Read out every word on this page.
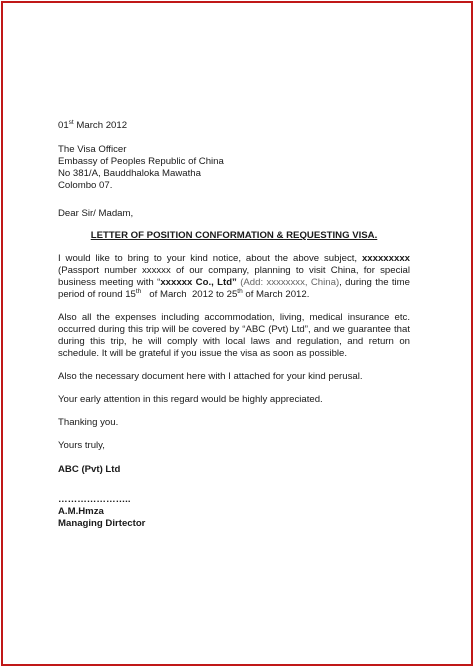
01st March 2012

The Visa Officer
Embassy of Peoples Republic of China
No 381/A, Bauddhaloka Mawatha
Colombo 07.

Dear Sir/ Madam,

LETTER OF POSITION CONFORMATION & REQUESTING VISA.

I would like to bring to your kind notice, about the above subject, xxxxxxxxx (Passport number xxxxxx of our company, planning to visit China, for special business meeting with “xxxxxx Co., Ltd” (Add: xxxxxxxx, China), during the time period of round 15th   of March  2012 to 25th of March 2012.

Also all the expenses including accommodation, living, medical insurance etc. occurred during this trip will be covered by “ABC (Pvt) Ltd”, and we guarantee that during this trip, he will comply with local laws and regulation, and return on schedule. It will be grateful if you issue the visa as soon as possible.

Also the necessary document here with I attached for your kind perusal.

Your early attention in this regard would be highly appreciated.

Thanking you.

Yours truly,

ABC (Pvt) Ltd

…………………..
A.M.Hmza
Managing Dirtector
